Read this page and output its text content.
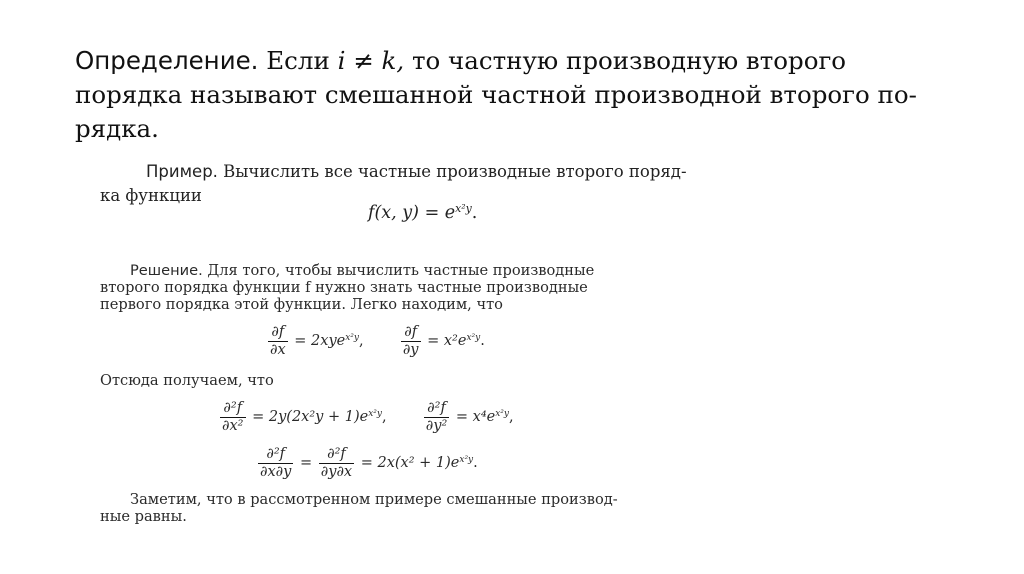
Определение. Если i ≠ k, то частную производную второго
порядка называют смешанной частной производной второго по-
рядка.
Пример. Вычислить все частные производные второго поряд-
ка функции
f(x, $y) = e^{x^2y}$.
Решение. Для того, чтобы вычислить частные производные
второго порядка функции f нужно знать частные производные
первого порядка этой функции. Легко находим, что
$\frac{\partial f}{\partial x} = 2xye^{x^2y}$,	$\frac{\partial f}{\partial y} = x^2e^{x^2y}$.
Отсюда получаем, что
$\frac{\text{∂²f}}{\text{∂x²}} = 2y(2x^2y + 1)e^{x^2y}$,	$\frac{\text{∂²f}}{\text{∂y²}} = x^4e^{x^2y}$,
$\frac{\text{∂²f}}{\partial x\partial y} = \frac{\text{∂²f}}{\partial y\partial x} = 2x(x^2 + 1)e^{x^2y}$.
Заметим, что в рассмотренном примере смешанные производ-
ные равны.
